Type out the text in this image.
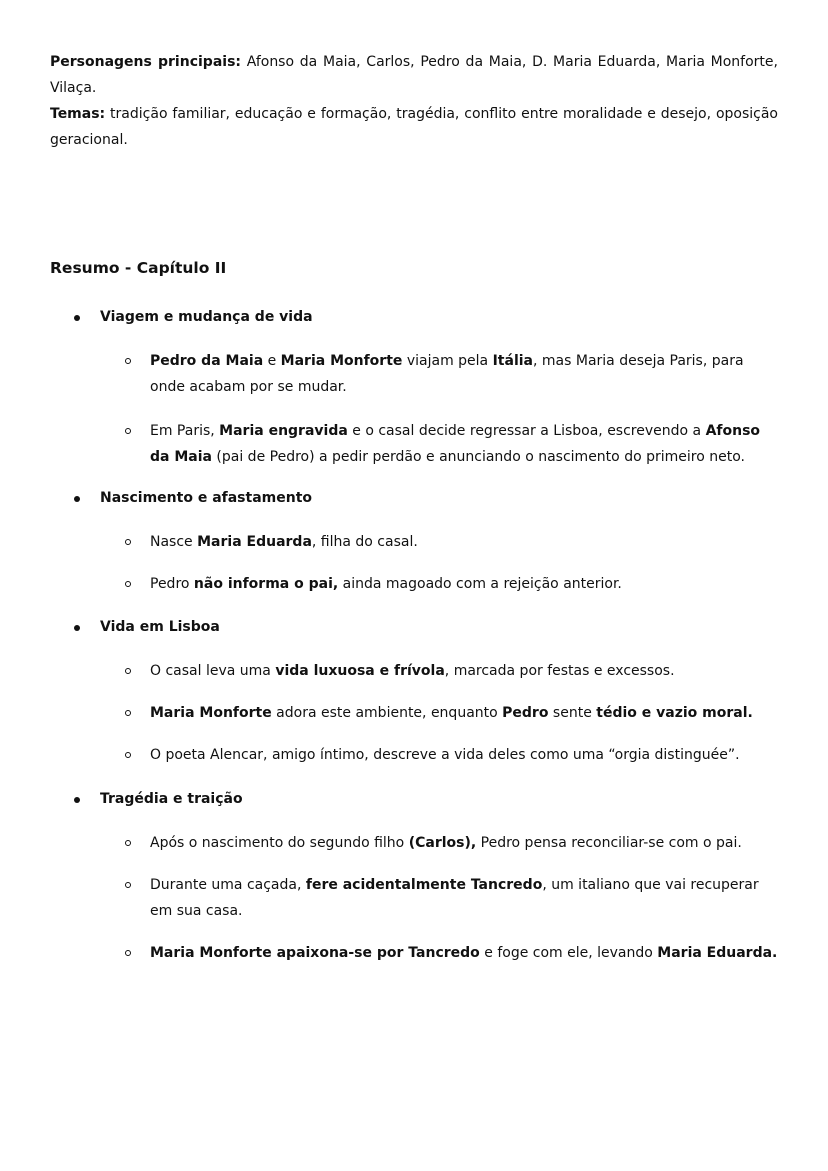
Personagens principais: Afonso da Maia, Carlos, Pedro da Maia, D. Maria Eduarda, Maria Monforte, Vilaça.

Temas: tradição familiar, educação e formação, tragédia, conflito entre moralidade e desejo, oposição geracional.

Resumo - Capítulo II

Viagem e mudança de vida

Pedro da Maia e Maria Monforte viajam pela Itália, mas Maria deseja Paris, para onde acabam por se mudar.

Em Paris, Maria engravida e o casal decide regressar a Lisboa, escrevendo a Afonso da Maia (pai de Pedro) a pedir perdão e anunciando o nascimento do primeiro neto.

Nascimento e afastamento

Nasce Maria Eduarda, filha do casal.

Pedro não informa o pai, ainda magoado com a rejeição anterior.

Vida em Lisboa

O casal leva uma vida luxuosa e frívola, marcada por festas e excessos.

Maria Monforte adora este ambiente, enquanto Pedro sente tédio e vazio moral.

O poeta Alencar, amigo íntimo, descreve a vida deles como uma “orgia distinguée”.

Tragédia e traição

Após o nascimento do segundo filho (Carlos), Pedro pensa reconciliar-se com o pai.

Durante uma caçada, fere acidentalmente Tancredo, um italiano que vai recuperar em sua casa.

Maria Monforte apaixona-se por Tancredo e foge com ele, levando Maria Eduarda.
